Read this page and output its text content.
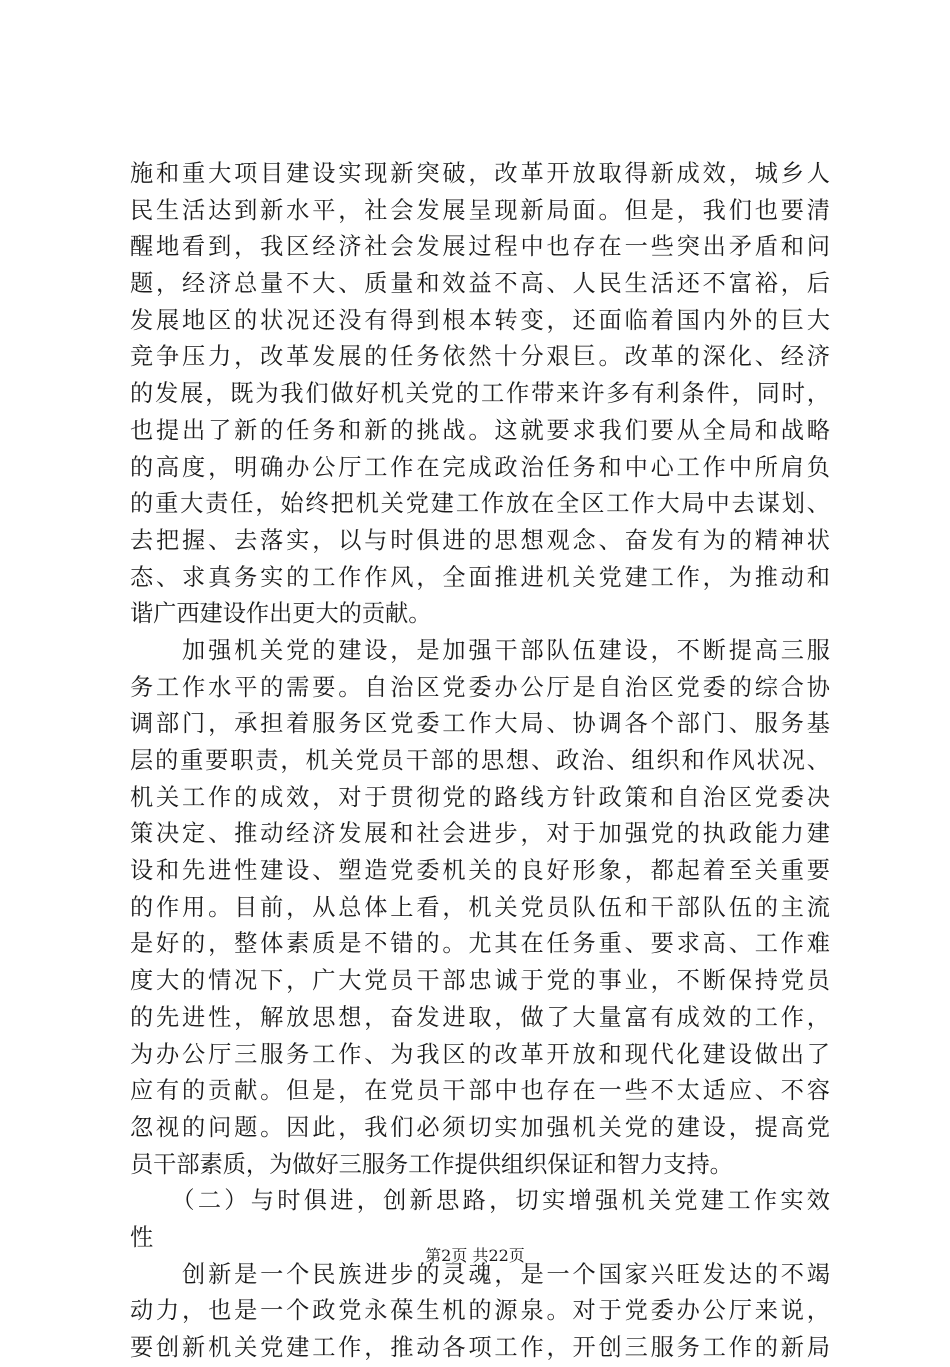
施和重大项目建设实现新突破，改革开放取得新成效，城乡人
民生活达到新水平，社会发展呈现新局面。但是，我们也要清
醒地看到，我区经济社会发展过程中也存在一些突出矛盾和问
题，经济总量不大、质量和效益不高、人民生活还不富裕，后
发展地区的状况还没有得到根本转变，还面临着国内外的巨大
竞争压力，改革发展的任务依然十分艰巨。改革的深化、经济
的发展，既为我们做好机关党的工作带来许多有利条件，同时，
也提出了新的任务和新的挑战。这就要求我们要从全局和战略
的高度，明确办公厅工作在完成政治任务和中心工作中所肩负
的重大责任，始终把机关党建工作放在全区工作大局中去谋划、
去把握、去落实，以与时俱进的思想观念、奋发有为的精神状
态、求真务实的工作作风，全面推进机关党建工作，为推动和
谐广西建设作出更大的贡献。
　　加强机关党的建设，是加强干部队伍建设，不断提高三服
务工作水平的需要。自治区党委办公厅是自治区党委的综合协
调部门，承担着服务区党委工作大局、协调各个部门、服务基
层的重要职责，机关党员干部的思想、政治、组织和作风状况、
机关工作的成效，对于贯彻党的路线方针政策和自治区党委决
策决定、推动经济发展和社会进步，对于加强党的执政能力建
设和先进性建设、塑造党委机关的良好形象，都起着至关重要
的作用。目前，从总体上看，机关党员队伍和干部队伍的主流
是好的，整体素质是不错的。尤其在任务重、要求高、工作难
度大的情况下，广大党员干部忠诚于党的事业，不断保持党员
的先进性，解放思想，奋发进取，做了大量富有成效的工作，
为办公厅三服务工作、为我区的改革开放和现代化建设做出了
应有的贡献。但是，在党员干部中也存在一些不太适应、不容
忽视的问题。因此，我们必须切实加强机关党的建设，提高党
员干部素质，为做好三服务工作提供组织保证和智力支持。
　　（二）与时俱进，创新思路，切实增强机关党建工作实效
性
　　创新是一个民族进步的灵魂，是一个国家兴旺发达的不竭
动力，也是一个政党永葆生机的源泉。对于党委办公厅来说，
要创新机关党建工作，推动各项工作，开创三服务工作的新局
第2页 共22页
